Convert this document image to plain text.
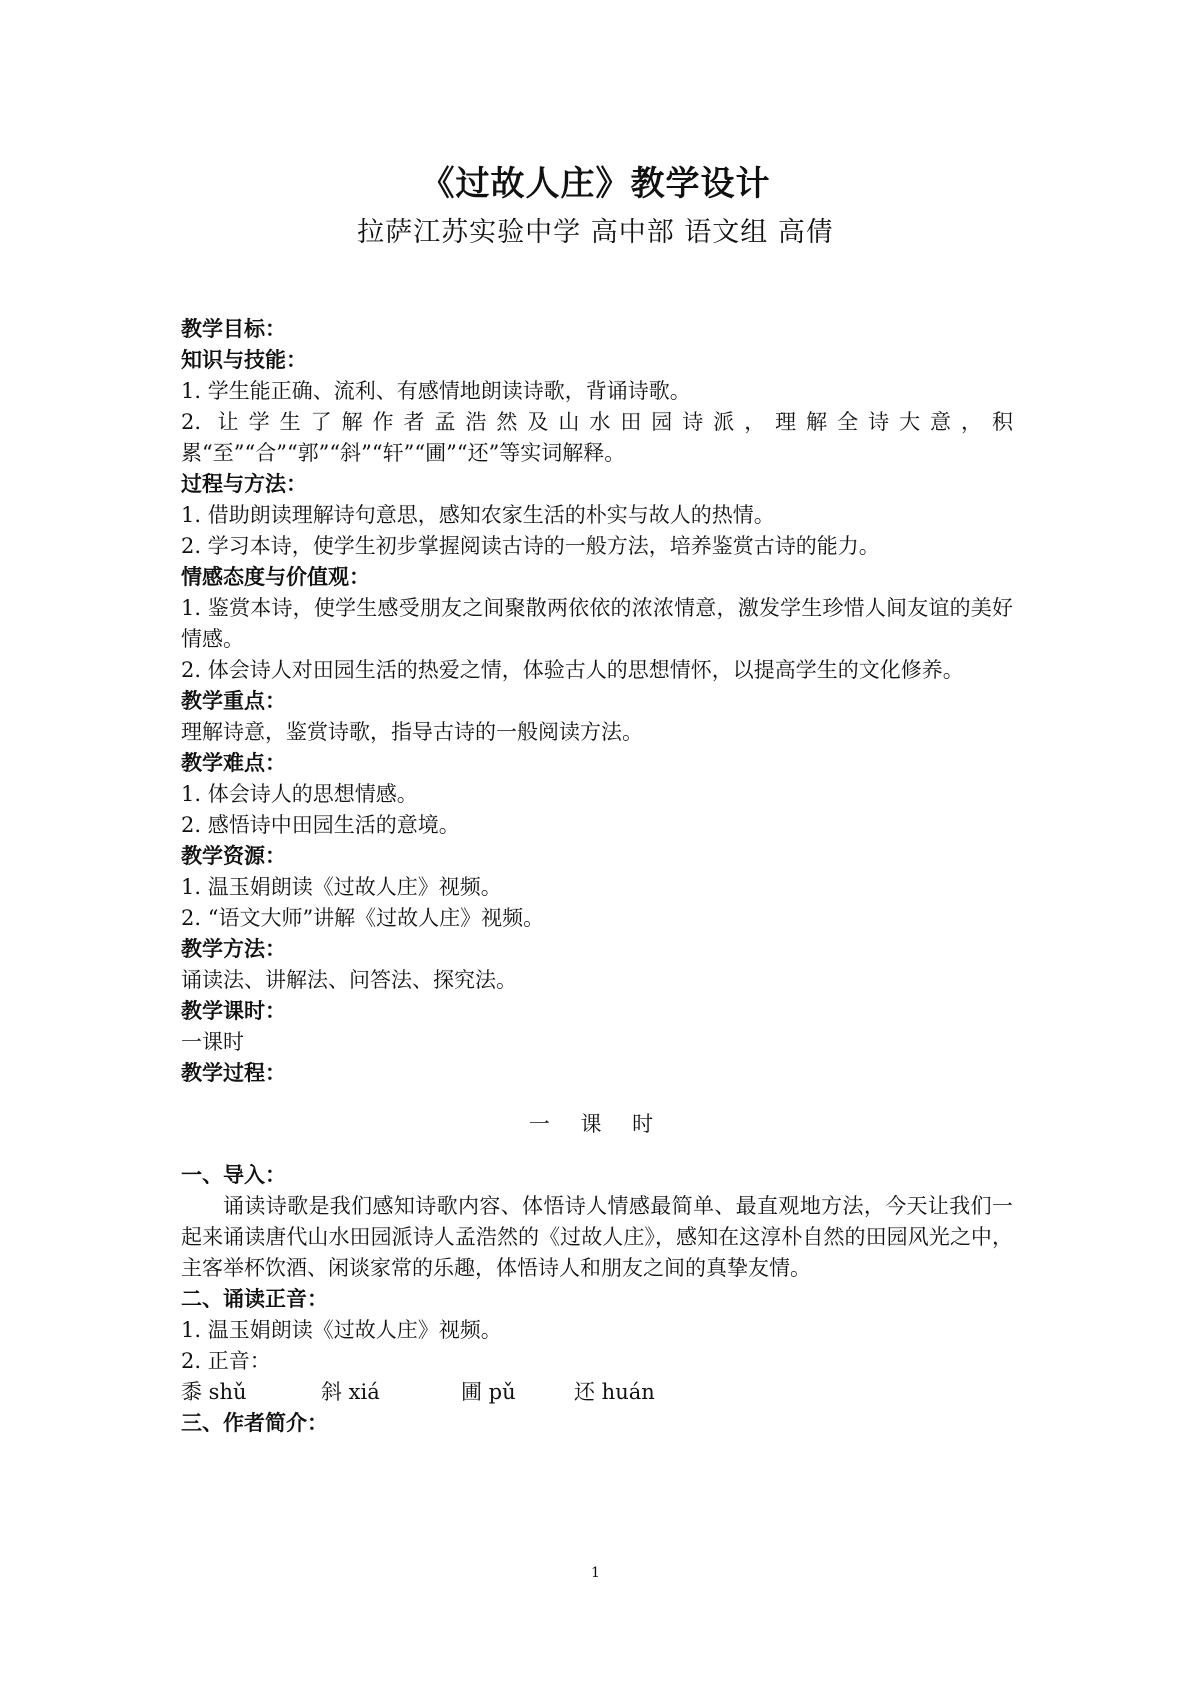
《过故人庄》教学设计
拉萨江苏实验中学 高中部 语文组 高倩

教学目标：

知识与技能：

1. 学生能正确、流利、有感情地朗读诗歌，背诵诗歌。

2. 让学生了解作者孟浩然及山水田园诗派，理解全诗大意，积累“至”“合”“郭”“斜”“轩”“圃”“还”等实词解释。

过程与方法：

1. 借助朗读理解诗句意思，感知农家生活的朴实与故人的热情。

2. 学习本诗，使学生初步掌握阅读古诗的一般方法，培养鉴赏古诗的能力。

情感态度与价值观：

1. 鉴赏本诗，使学生感受朋友之间聚散两依依的浓浓情意，激发学生珍惜人间友谊的美好情感。

2. 体会诗人对田园生活的热爱之情，体验古人的思想情怀，以提高学生的文化修养。

教学重点：

理解诗意，鉴赏诗歌，指导古诗的一般阅读方法。

教学难点：

1. 体会诗人的思想情感。

2. 感悟诗中田园生活的意境。

教学资源：

1. 温玉娟朗读《过故人庄》视频。

2. “语文大师”讲解《过故人庄》视频。

教学方法：

诵读法、讲解法、问答法、探究法。

教学课时：

一课时

教学过程：

一 课 时

一、导入：

诵读诗歌是我们感知诗歌内容、体悟诗人情感最简单、最直观地方法，今天让我们一起来诵读唐代山水田园派诗人孟浩然的《过故人庄》，感知在这淳朴自然的田园风光之中，主客举杯饮酒、闲谈家常的乐趣，体悟诗人和朋友之间的真挚友情。

二、诵读正音：

1. 温玉娟朗读《过故人庄》视频。

2. 正音：

黍 shǔ	斜 xiá	圃 pǔ	还 huán

三、作者简介：

1
